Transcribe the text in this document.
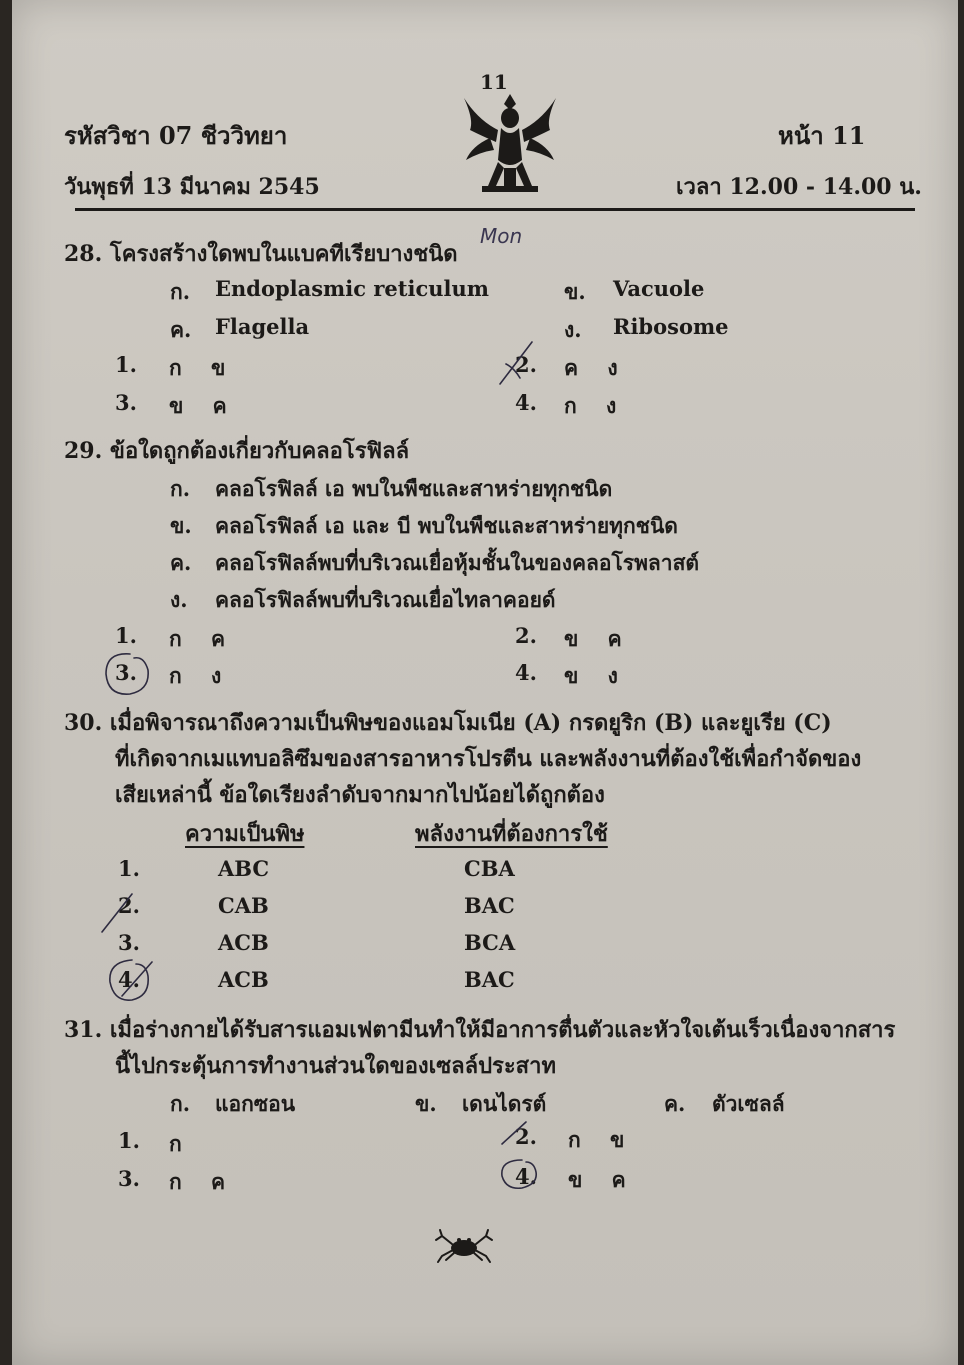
11
รหัสวิชา 07 ชีววิทยา	หน้า 11
วันพุธที่ 13 มีนาคม 2545	เวลา 12.00 - 14.00 น.
28. โครงสร้างใดพบในแบคทีเรียบางชนิด
Mon
ก. Endoplasmic reticulum	ข. Vacuole
ค. Flagella	ง. Ribosome
1. ก ข	2. ค ง
3. ข ค	4. ก ง
29. ข้อใดถูกต้องเกี่ยวกับคลอโรฟิลล์
ก. คลอโรฟิลล์ เอ พบในพืชและสาหร่ายทุกชนิด
ข. คลอโรฟิลล์ เอ และ บี พบในพืชและสาหร่ายทุกชนิด
ค. คลอโรฟิลล์พบที่บริเวณเยื่อหุ้มชั้นในของคลอโรพลาสต์
ง. คลอโรฟิลล์พบที่บริเวณเยื่อไทลาคอยด์
1. ก ค	2. ข ค
3. ก ง	4. ข ง
30. เมื่อพิจารณาถึงความเป็นพิษของแอมโมเนีย (A) กรดยูริก (B) และยูเรีย (C)
ที่เกิดจากเมแทบอลิซึมของสารอาหารโปรตีน และพลังงานที่ต้องใช้เพื่อกำจัดของ
เสียเหล่านี้ ข้อใดเรียงลำดับจากมากไปน้อยได้ถูกต้อง
ความเป็นพิษ	พลังงานที่ต้องการใช้
1.	ABC	CBA
2.	CAB	BAC
3.	ACB	BCA
4.	ACB	BAC
31. เมื่อร่างกายได้รับสารแอมเฟตามีนทำให้มีอาการตื่นตัวและหัวใจเต้นเร็วเนื่องจากสาร
นี้ไปกระตุ้นการทำงานส่วนใดของเซลล์ประสาท
ก. แอกซอน	ข. เดนไดรต์	ค. ตัวเซลล์
1. ก	2. ก ข
3. ก ค	4. ข ค
